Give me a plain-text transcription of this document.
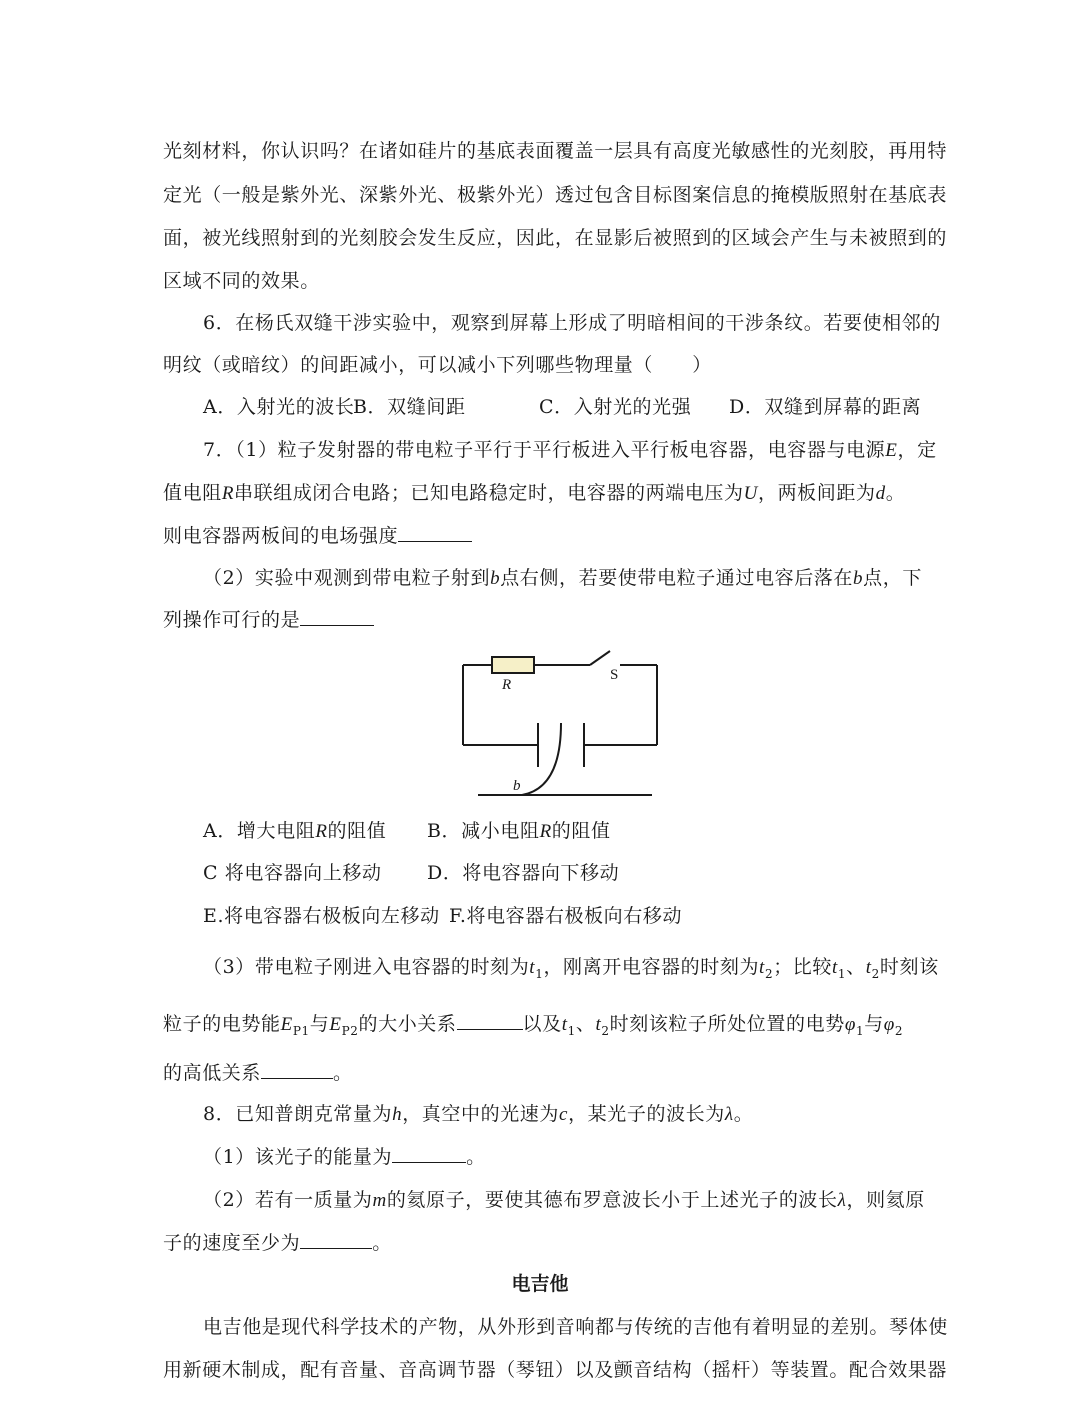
光刻材料，你认识吗？在诸如硅片的基底表面覆盖一层具有高度光敏感性的光刻胶，再用特
定光（一般是紫外光、深紫外光、极紫外光）透过包含目标图案信息的掩模版照射在基底表
面，被光线照射到的光刻胶会发生反应，因此，在显影后被照到的区域会产生与未被照到的
区域不同的效果。
6．在杨氏双缝干涉实验中，观察到屏幕上形成了明暗相间的干涉条纹。若要使相邻的
明纹（或暗纹）的间距减小，可以减小下列哪些物理量（　　）
A．入射光的波长
B．双缝间距	C．入射光的光强 D．双缝到屏幕的距离
7．（1）粒子发射器的带电粒子平行于平行板进入平行板电容器，电容器与电源E，定
值电阻R串联组成闭合电路；已知电路稳定时，电容器的两端电压为U，两板间距为d。
则电容器两板间的电场强度
（2）实验中观测到带电粒子射到b点右侧，若要使带电粒子通过电容后落在b点，下
列操作可行的是
R
S
b
A．增大电阻R的阻值 B．减小电阻R的阻值
C 将电容器向上移动 D．将电容器向下移动
E.将电容器右极板向左移动 F.将电容器右极板向右移动
（3）带电粒子刚进入电容器的时刻为$t_1$，刚离开电容器的时刻为$t_2$；比较$t_1$、$t_2$时刻该
粒子的电势能$E_{P1}$与$E_{P2}$的大小关系	以及$t_1$、$t_2$时刻该粒子所处位置的电势$\varphi_1$与$\varphi_2$
的高低关系	。
8．已知普朗克常量为h，真空中的光速为c，某光子的波长为λ。
（1）该光子的能量为	。
（2）若有一质量为m的氦原子，要使其德布罗意波长小于上述光子的波长λ，则氦原
子的速度至少为	。
电吉他
电吉他是现代科学技术的产物，从外形到音响都与传统的吉他有着明显的差别。琴体使
用新硬木制成，配有音量、音高调节器（琴钮）以及颤音结构（摇杆）等装置。配合效果器
